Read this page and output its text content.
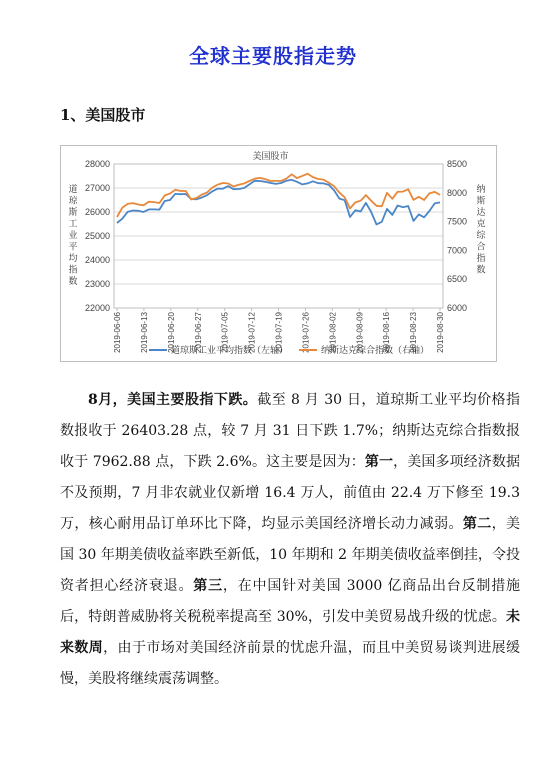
全球主要股指走势
1、美国股市
22000
23000
24000
25000
26000
27000
28000
6000
6500
7000
7500
8000
8500
美国股市
道琼斯工业平均指数
纳斯达克综合指数
2019-06-06 2019-06-13 2019-06-20 2019-06-27 2019-07-05 2019-07-12 2019-07-19 2019-07-26 2019-08-02 2019-08-09 2019-08-16 2019-08-23 2019-08-30
道琼斯工业平均指数（左轴）	纳斯达克综合指数（右轴）

8月，美国主要股指下跌。截至 8 月 30 日，道琼斯工业平均价格指数报收于 26403.28 点，较 7 月 31 日下跌 1.7%；纳斯达克综合指数报收于 7962.88 点，下跌 2.6%。这主要是因为：第一，美国多项经济数据不及预期，7 月非农就业仅新增 16.4 万人，前值由 22.4 万下修至 19.3 万，核心耐用品订单环比下降，均显示美国经济增长动力减弱。第二，美国 30 年期美债收益率跌至新低，10 年期和 2 年期美债收益率倒挂，令投资者担心经济衰退。第三，在中国针对美国 3000 亿商品出台反制措施后，特朗普威胁将关税税率提高至 30%，引发中美贸易战升级的忧虑。未来数周，由于市场对美国经济前景的忧虑升温，而且中美贸易谈判进展缓慢，美股将继续震荡调整。
